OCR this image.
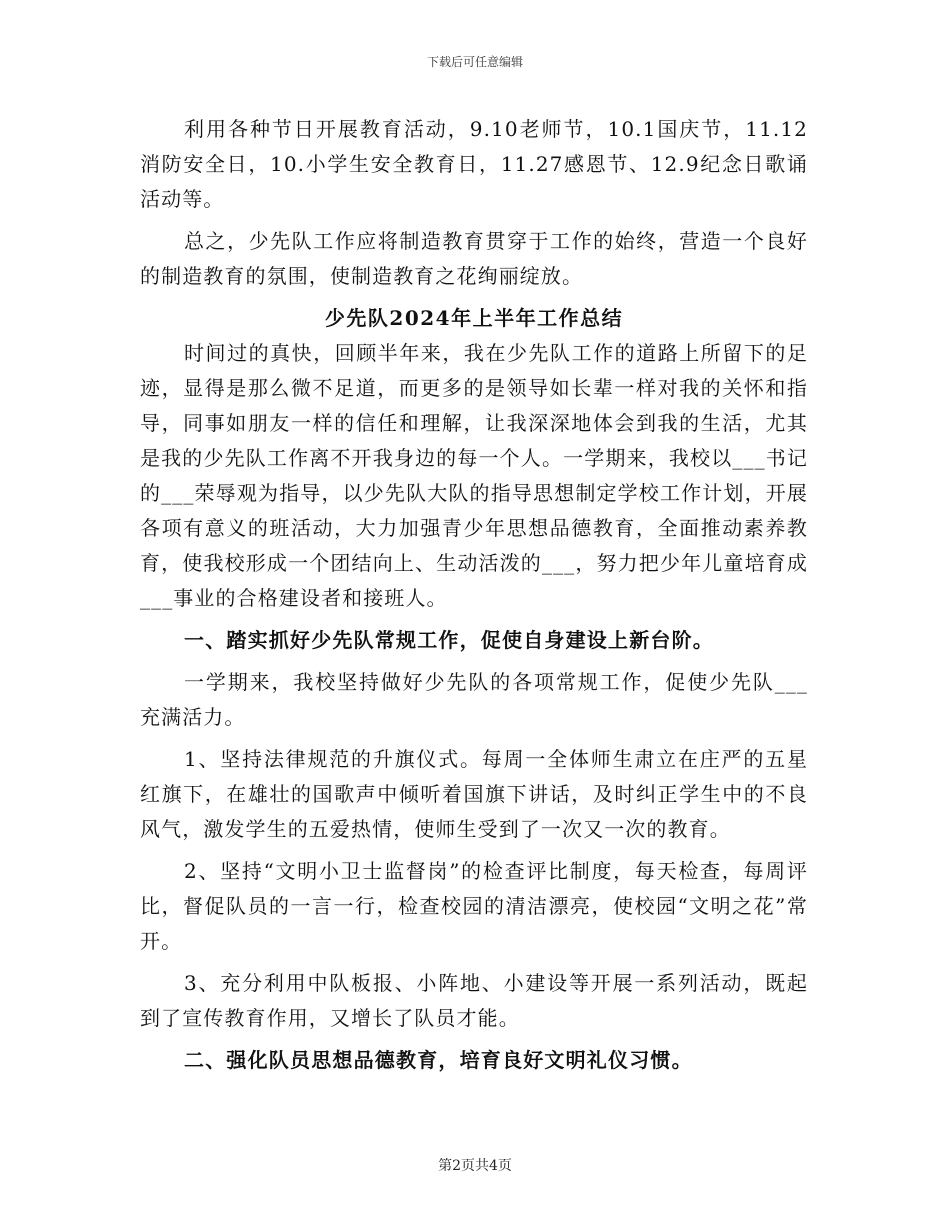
下载后可任意编辑

利用各种节日开展教育活动，9.10老师节，10.1国庆节，11.12消防安全日，10.小学生安全教育日，11.27感恩节、12.9纪念日歌诵活动等。

总之，少先队工作应将制造教育贯穿于工作的始终，营造一个良好的制造教育的氛围，使制造教育之花绚丽绽放。

少先队2024年上半年工作总结

时间过的真快，回顾半年来，我在少先队工作的道路上所留下的足迹，显得是那么微不足道，而更多的是领导如长辈一样对我的关怀和指导，同事如朋友一样的信任和理解，让我深深地体会到我的生活，尤其是我的少先队工作离不开我身边的每一个人。一学期来，我校以___书记的___荣辱观为指导，以少先队大队的指导思想制定学校工作计划，开展各项有意义的班活动，大力加强青少年思想品德教育，全面推动素养教育，使我校形成一个团结向上、生动活泼的___，努力把少年儿童培育成___事业的合格建设者和接班人。

一、踏实抓好少先队常规工作，促使自身建设上新台阶。

一学期来，我校坚持做好少先队的各项常规工作，促使少先队___充满活力。

1、坚持法律规范的升旗仪式。每周一全体师生肃立在庄严的五星红旗下，在雄壮的国歌声中倾听着国旗下讲话，及时纠正学生中的不良风气，激发学生的五爱热情，使师生受到了一次又一次的教育。

2、坚持“文明小卫士监督岗”的检查评比制度，每天检查，每周评比，督促队员的一言一行，检查校园的清洁漂亮，使校园“文明之花”常开。

3、充分利用中队板报、小阵地、小建设等开展一系列活动，既起到了宣传教育作用，又增长了队员才能。

二、强化队员思想品德教育，培育良好文明礼仪习惯。

第2页共4页
